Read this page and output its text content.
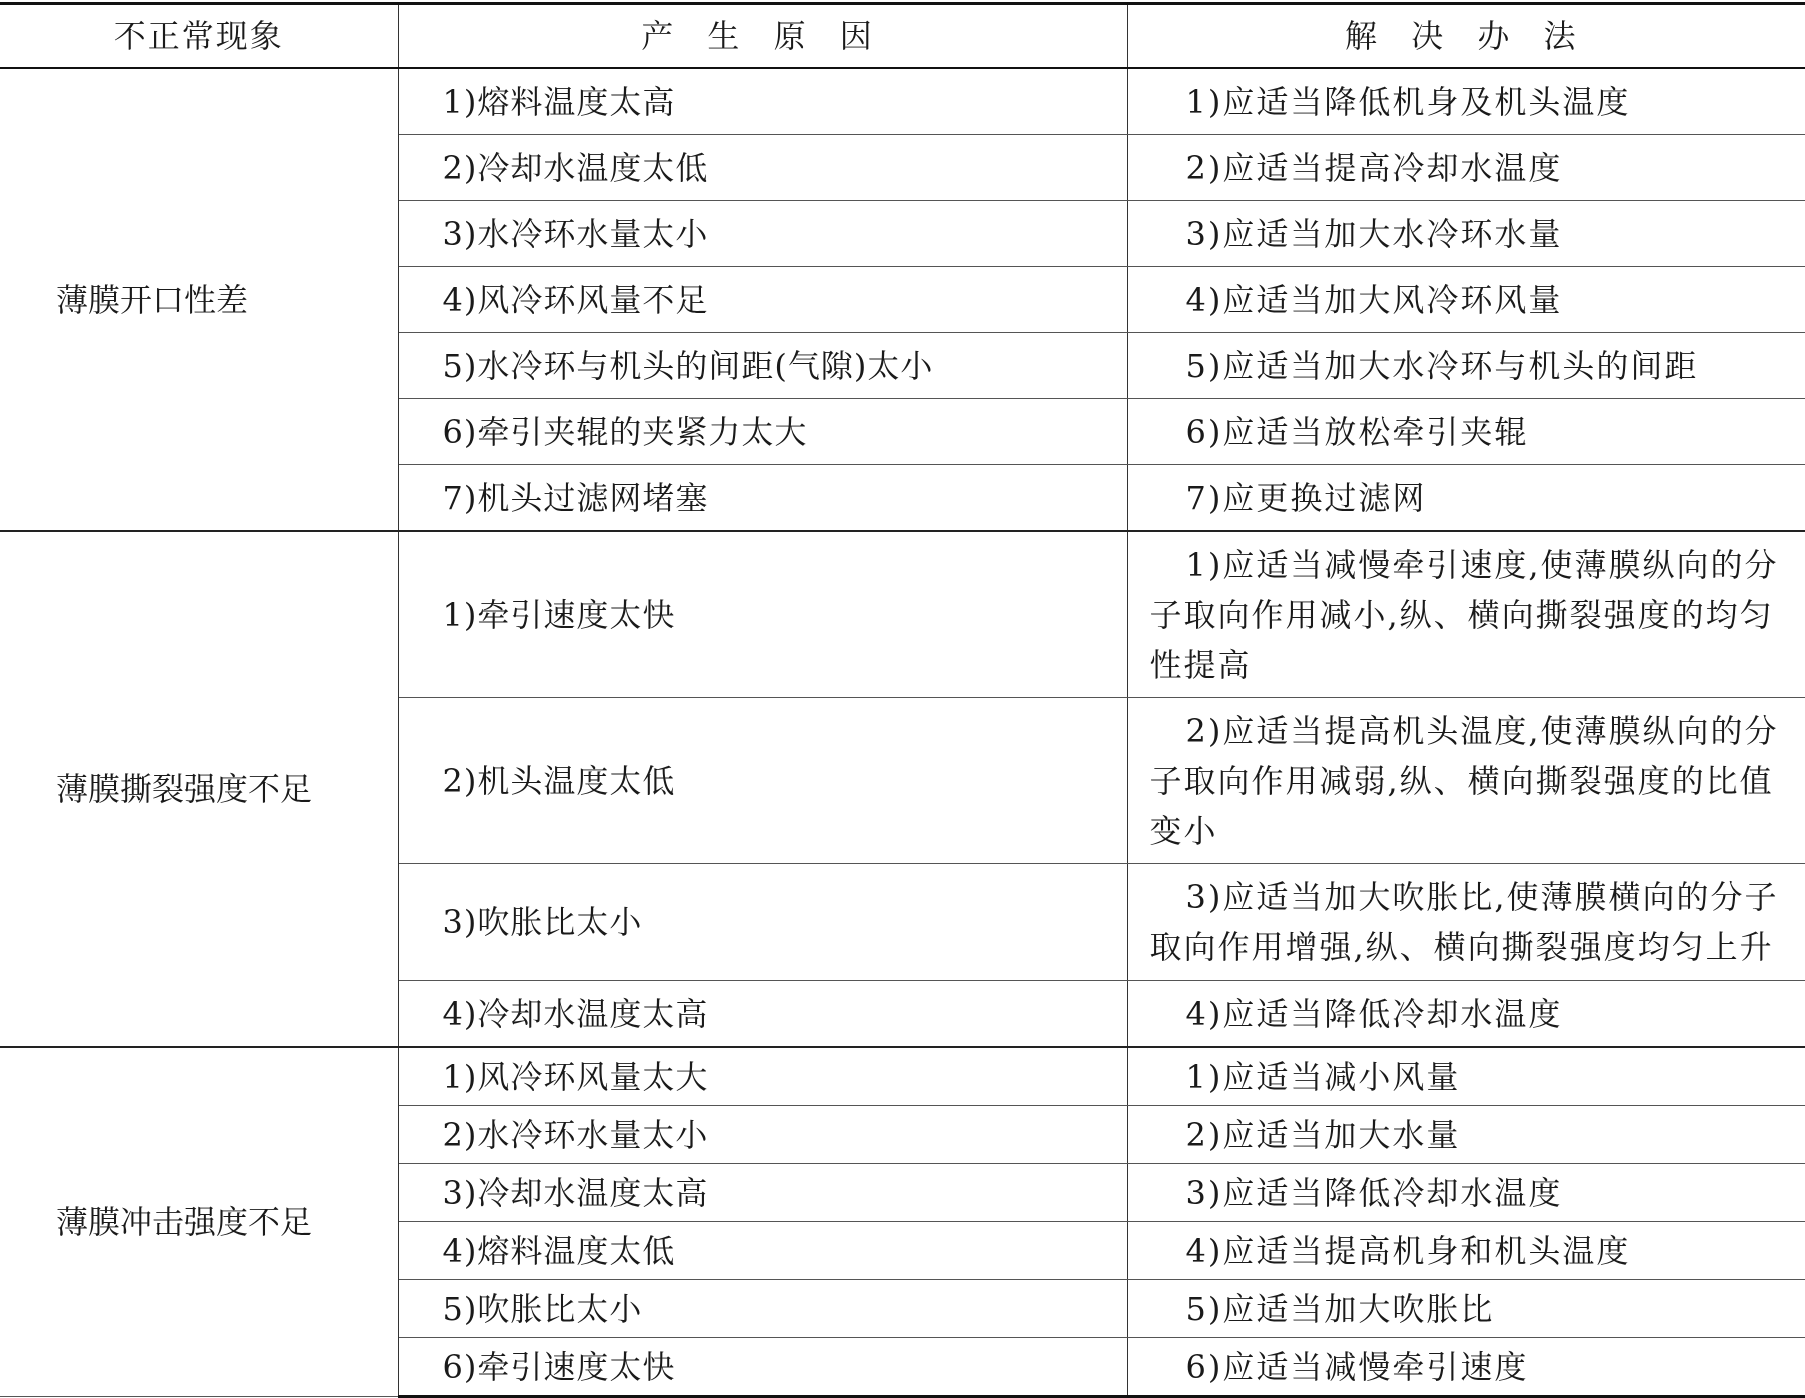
不正常现象	产 生 原 因	解 决 办 法
薄膜开口性差	1)熔料温度太高	1)应适当降低机身及机头温度

	2)冷却水温度太低	2)应适当提高冷却水温度

	3)水冷环水量太小	3)应适当加大水冷环水量

	4)风冷环风量不足	4)应适当加大风冷环风量

	5)水冷环与机头的间距(气隙)太小	5)应适当加大水冷环与机头的间距

	6)牵引夹辊的夹紧力太大	6)应适当放松牵引夹辊

	7)机头过滤网堵塞	7)应更换过滤网

薄膜撕裂强度不足	1)牵引速度太快	1)应适当减慢牵引速度,使薄膜纵向的分子取向作用减小,纵、横向撕裂强度的均匀性提高

	2)机头温度太低	2)应适当提高机头温度,使薄膜纵向的分子取向作用减弱,纵、横向撕裂强度的比值变小

	3)吹胀比太小	3)应适当加大吹胀比,使薄膜横向的分子取向作用增强,纵、横向撕裂强度均匀上升

	4)冷却水温度太高	4)应适当降低冷却水温度

薄膜冲击强度不足	1)风冷环风量太大	1)应适当减小风量

	2)水冷环水量太小	2)应适当加大水量

	3)冷却水温度太高	3)应适当降低冷却水温度

	4)熔料温度太低	4)应适当提高机身和机头温度

	5)吹胀比太小	5)应适当加大吹胀比

	6)牵引速度太快	6)应适当减慢牵引速度
